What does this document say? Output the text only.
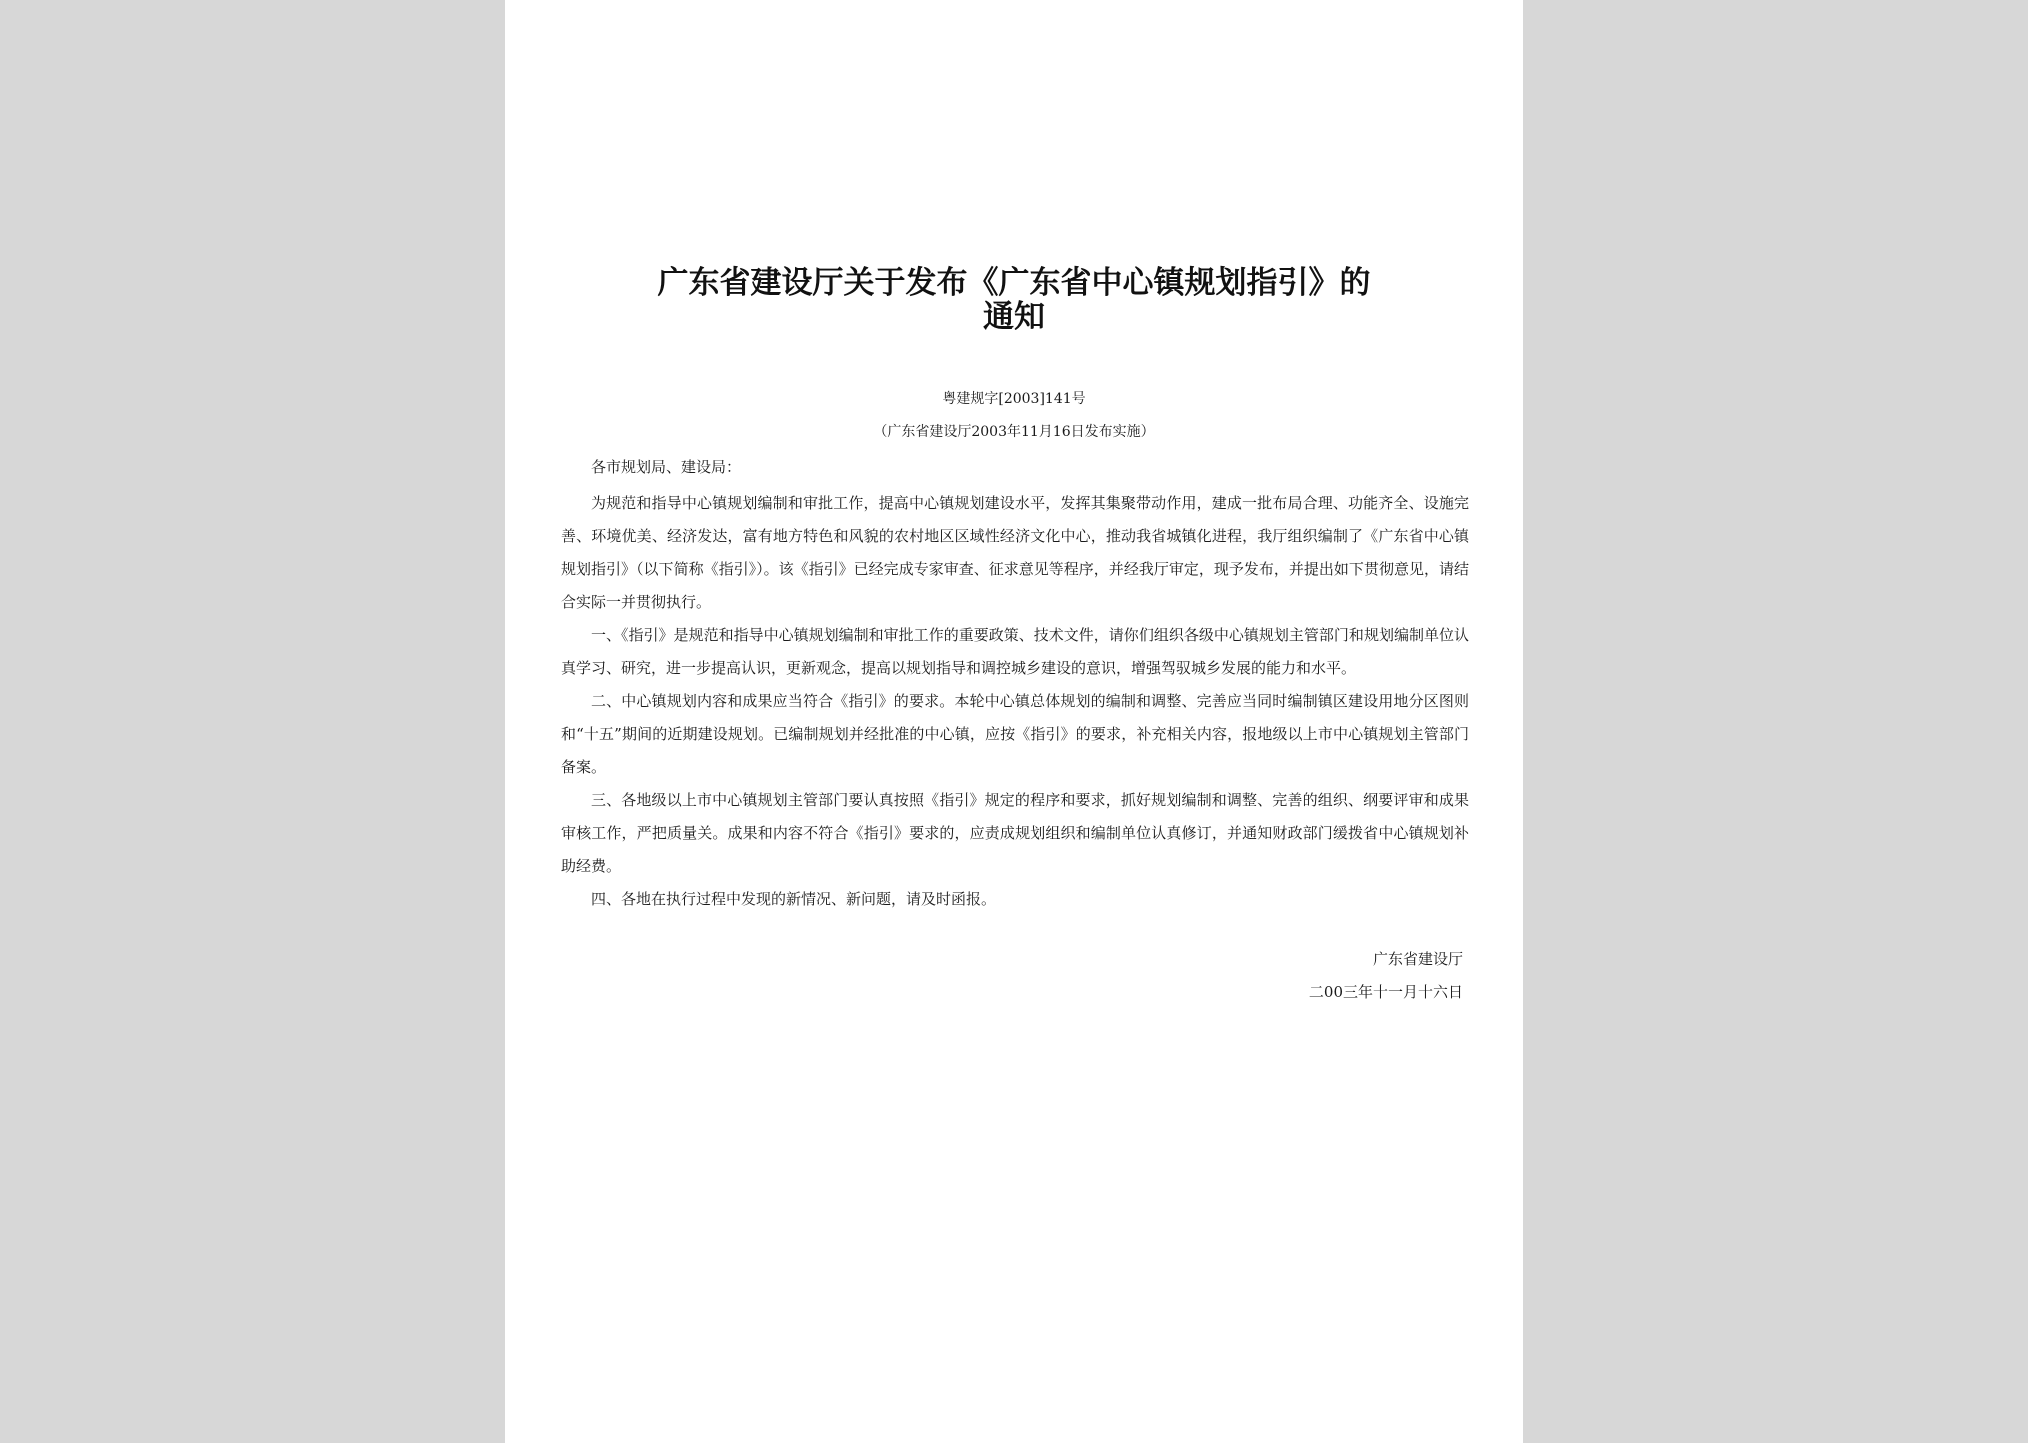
广东省建设厅关于发布《广东省中心镇规划指引》的
通知

粤建规字[2003]141号

（广东省建设厅2003年11月16日发布实施）

各市规划局、建设局：

为规范和指导中心镇规划编制和审批工作，提高中心镇规划建设水平，发挥其集聚带动作用，建成一批布局合理、功能齐全、设施完善、环境优美、经济发达，富有地方特色和风貌的农村地区区域性经济文化中心，推动我省城镇化进程，我厅组织编制了《广东省中心镇规划指引》（以下简称《指引》）。该《指引》已经完成专家审查、征求意见等程序，并经我厅审定，现予发布，并提出如下贯彻意见，请结合实际一并贯彻执行。

一、《指引》是规范和指导中心镇规划编制和审批工作的重要政策、技术文件，请你们组织各级中心镇规划主管部门和规划编制单位认真学习、研究，进一步提高认识，更新观念，提高以规划指导和调控城乡建设的意识，增强驾驭城乡发展的能力和水平。

二、中心镇规划内容和成果应当符合《指引》的要求。本轮中心镇总体规划的编制和调整、完善应当同时编制镇区建设用地分区图则和“十五”期间的近期建设规划。已编制规划并经批准的中心镇，应按《指引》的要求，补充相关内容，报地级以上市中心镇规划主管部门备案。

三、各地级以上市中心镇规划主管部门要认真按照《指引》规定的程序和要求，抓好规划编制和调整、完善的组织、纲要评审和成果审核工作，严把质量关。成果和内容不符合《指引》要求的，应责成规划组织和编制单位认真修订，并通知财政部门缓拨省中心镇规划补助经费。

四、各地在执行过程中发现的新情况、新问题，请及时函报。

广东省建设厅

二00三年十一月十六日
